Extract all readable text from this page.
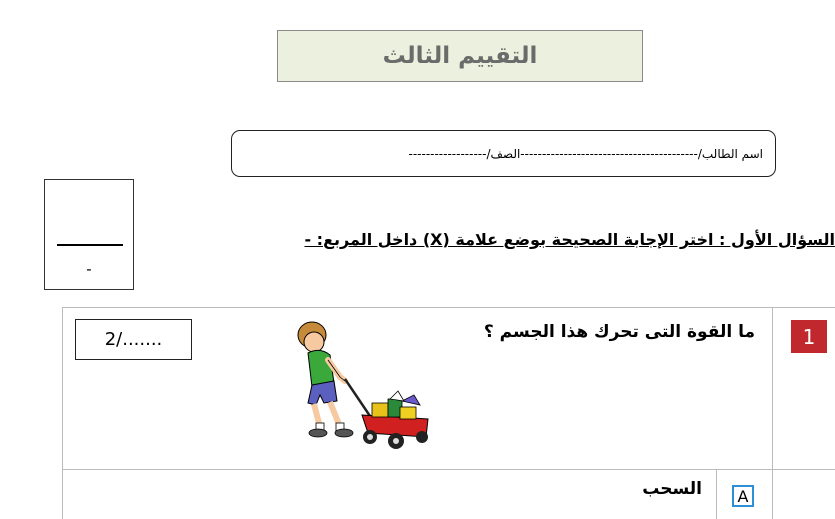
التقييم الثالث
اسم الطالب/-----------------------------------------الصف/------------------
-
السؤال الأول : اختر الإجابة الصحيحة بوضع علامة (X) داخل المربع: -
1
ما القوة التى تحرك هذا الجسم ؟
2/.......
A
السحب
